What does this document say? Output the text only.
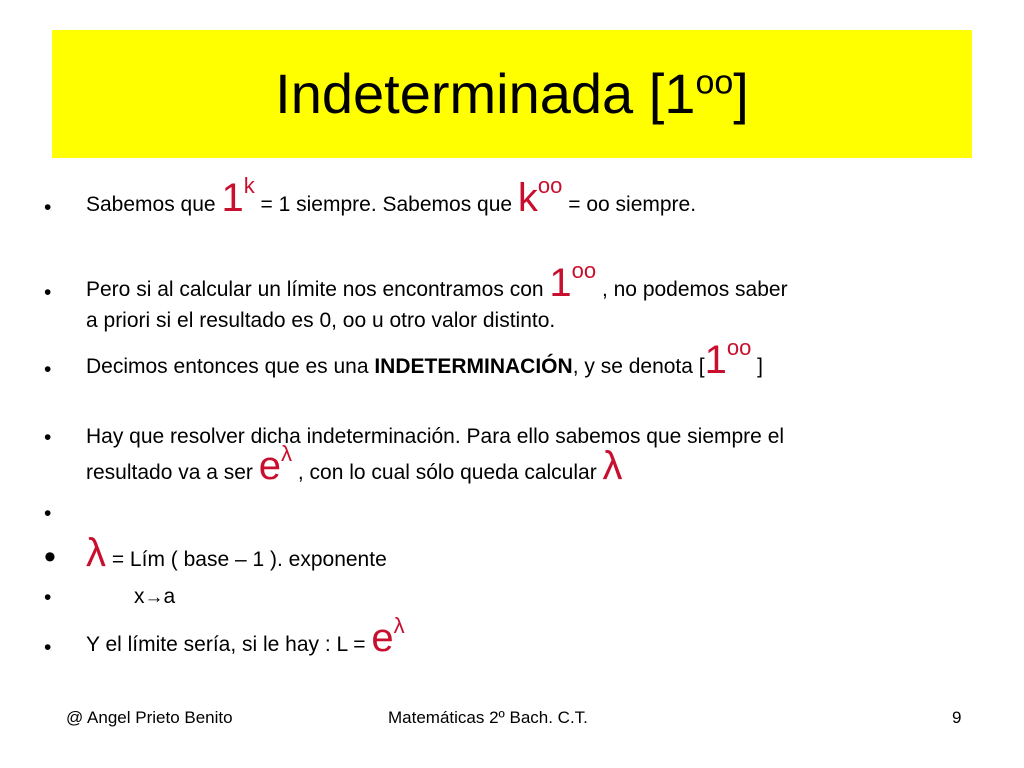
Indeterminada $[1^{oo}]$
• Sabemos que 1k = 1 siempre. Sabemos que koo = oo siempre.
• Pero si al calcular un límite nos encontramos con 1oo , no podemos saber
a priori si el resultado es 0, oo u otro valor distinto.
• Decimos entonces que es una INDETERMINACIÓN, y se denota [1oo ]
• Hay que resolver dicha indeterminación. Para ello sabemos que siempre el
resultado va a ser eλ , con lo cual sólo queda calcular λ
•
• λ = Lím ( base – 1 ). exponente
•	x→a
• Y el límite sería, si le hay : L = eλ
@ Angel Prieto Benito	Matemáticas 2º Bach. C.T.	9
